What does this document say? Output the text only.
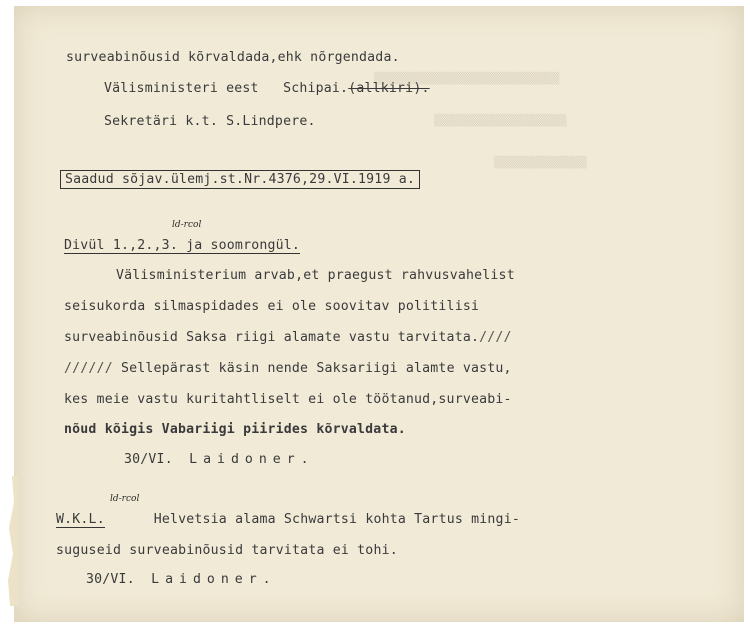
▒▒▒▒▒▒▒▒▒▒▒▒▒▒▒▒▒▒▒▒▒▒▒▒▒▒▒▒
▒▒▒▒▒▒▒▒▒▒▒▒▒▒▒▒▒▒▒▒
▒▒▒▒▒▒▒▒▒▒▒▒▒▒
surveabinõusid kõrvaldada,ehk nõrgendada.
Välisministeri eest Schipai.(allkiri).
Sekretäri k.t. S.Lindpere.
Saadud sõjav.ülemj.st.Nr.4376,29.VI.1919 a.
ld-rcol
Divül 1.,2.,3. ja soomrongül.
Välisministerium arvab,et praegust rahvusvahelist
seisukorda silmaspidades ei ole soovitav politilisi
surveabinõusid Saksa riigi alamate vastu tarvitata.////
////// Sellepärast käsin nende Saksariigi alamte vastu,
kes meie vastu kuritahtliselt ei ole töötanud,surveabi-
nõud kõigis Vabariigi piirides kõrvaldata.
30/VI. Laidoner.
ld-rcol
W.K.L.	Helvetsia alama Schwartsi kohta Tartus mingi-
suguseid surveabinõusid tarvitata ei tohi.
30/VI. Laidoner.
